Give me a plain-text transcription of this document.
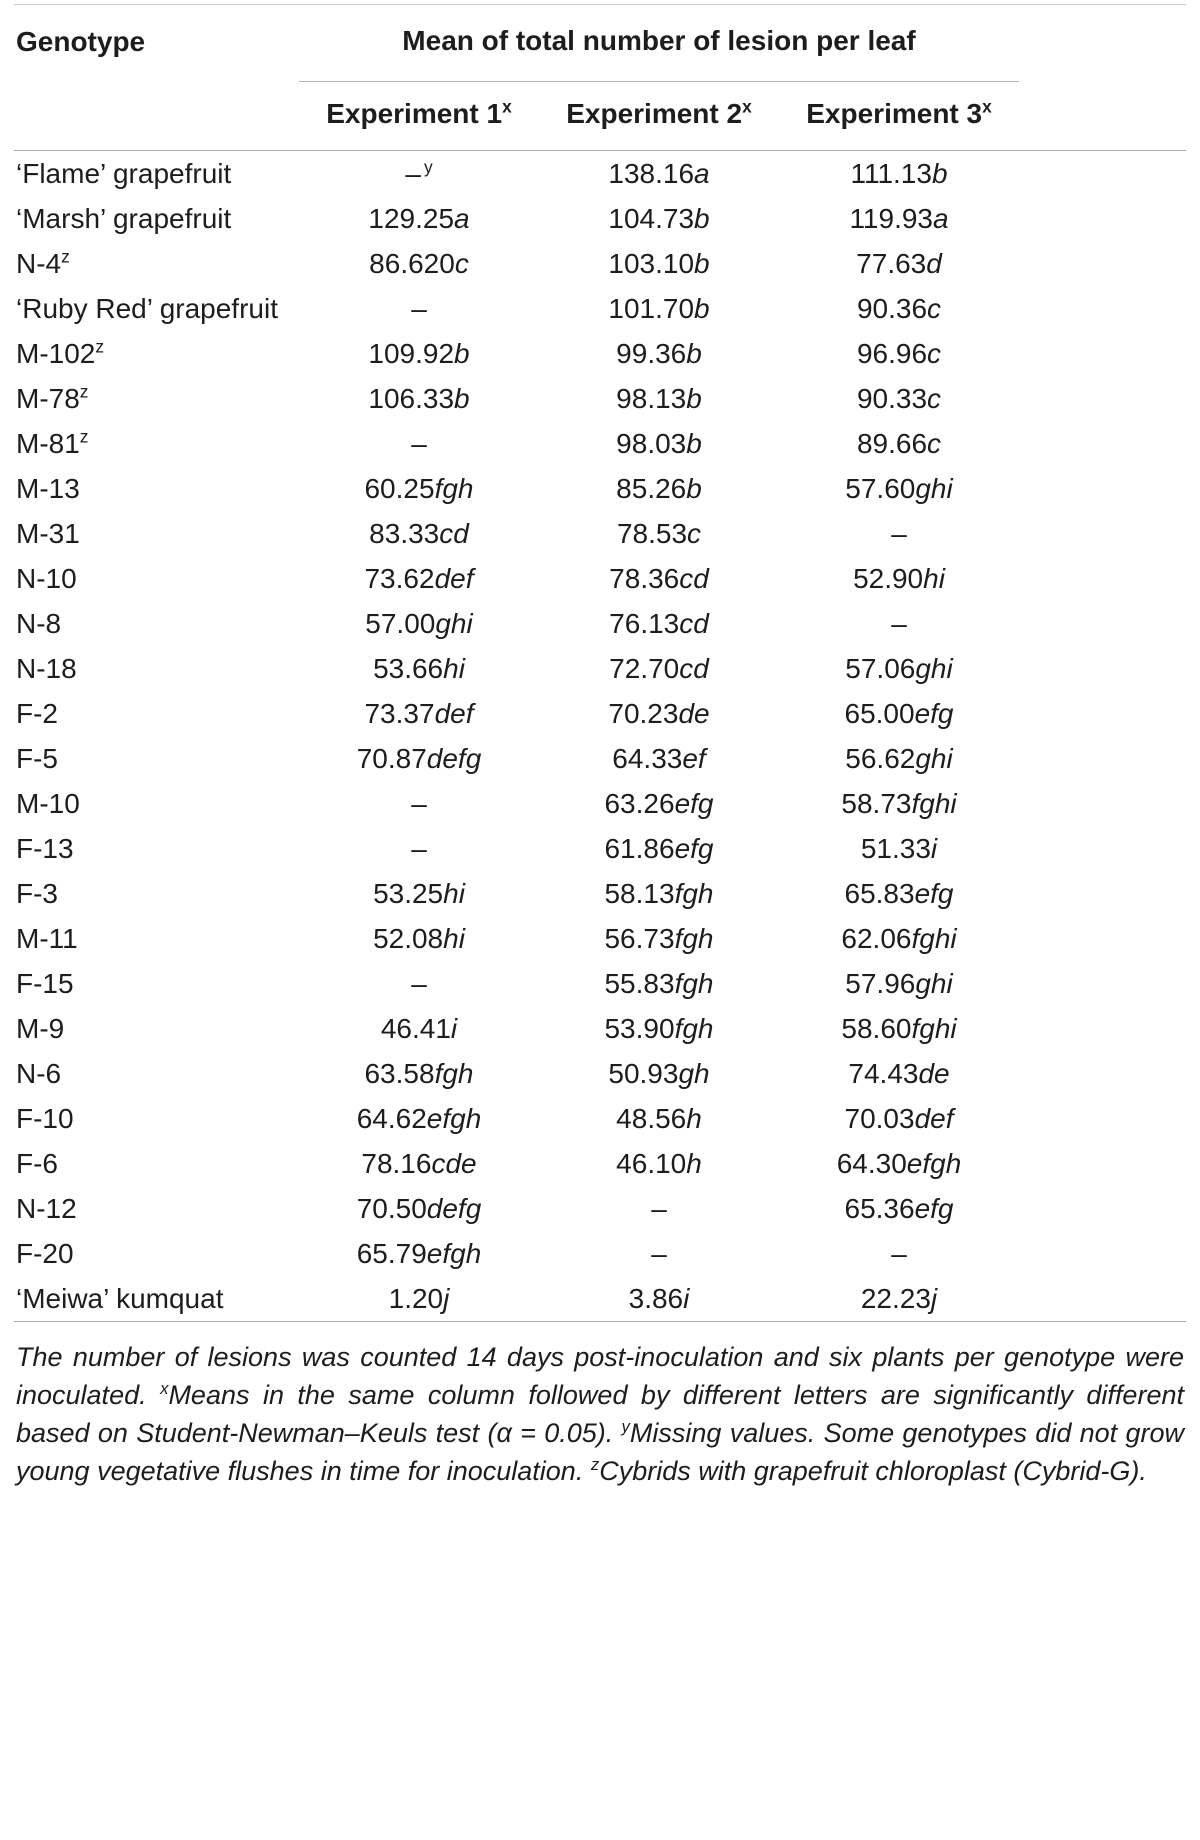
Genotype	Mean of total number of lesion per leaf			
	Experiment 1$^x$	Experiment 2$^x$	Experiment 3$^x$	
‘Flame’ grapefruit	– $^y$	138.16a	111.13b	
‘Marsh’ grapefruit	129.25a	104.73b	119.93a	
N-4$^z$	86.620c	103.10b	77.63d	
‘Ruby Red’ grapefruit	–	101.70b	90.36c	
M-102$^z$	109.92b	99.36b	96.96c	
M-78$^z$	106.33b	98.13b	90.33c	
M-81$^z$	–	98.03b	89.66c	
M-13	60.25fgh	85.26b	57.60ghi	
M-31	83.33cd	78.53c	–	
N-10	73.62def	78.36cd	52.90hi	
N-8	57.00ghi	76.13cd	–	
N-18	53.66hi	72.70cd	57.06ghi	
F-2	73.37def	70.23de	65.00efg	
F-5	70.87defg	64.33ef	56.62ghi	
M-10	–	63.26efg	58.73fghi	
F-13	–	61.86efg	51.33i	
F-3	53.25hi	58.13fgh	65.83efg	
M-11	52.08hi	56.73fgh	62.06fghi	
F-15	–	55.83fgh	57.96ghi	
M-9	46.41i	53.90fgh	58.60fghi	
N-6	63.58fgh	50.93gh	74.43de	
F-10	64.62efgh	48.56h	70.03def	
F-6	78.16cde	46.10h	64.30efgh	
N-12	70.50defg	–	65.36efg	
F-20	65.79efgh	–	–	
‘Meiwa’ kumquat	1.20j	3.86i	22.23j	
The number of lesions was counted 14 days post-inoculation and six plants per genotype were inoculated. $^x$Means in the same column followed by different letters are significantly different based on Student-Newman–Keuls test (α = 0.05). $^y$Missing values. Some genotypes did not grow young vegetative flushes in time for inoculation. $^z$Cybrids with grapefruit chloroplast (Cybrid-G).
